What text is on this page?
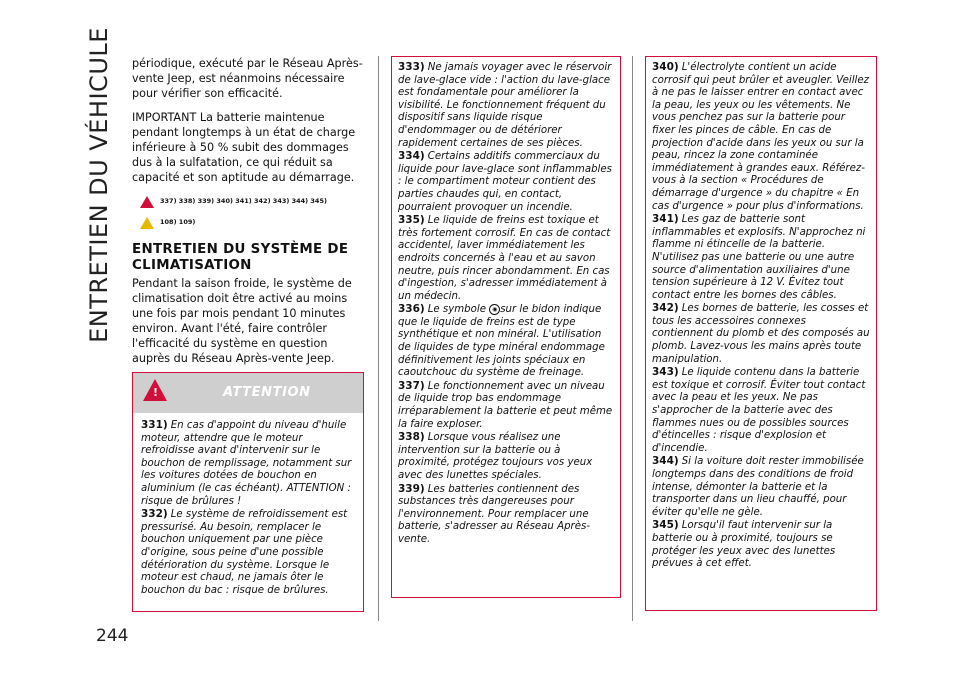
ENTRETIEN DU VÉHICULE périodique, exécuté par le Réseau Après-vente Jeep, est néanmoins nécessaire pour vérifier son efficacité.

IMPORTANT La batterie maintenue pendant longtemps à un état de charge inférieure à 50 % subit des dommages dus à la sulfatation, ce qui réduit sa capacité et son aptitude au démarrage.

337) 338) 339) 340) 341) 342) 343) 344) 345)
108) 109)
ENTRETIEN DU SYSTÈME DE CLIMATISATION

Pendant la saison froide, le système de climatisation doit être activé au moins une fois par mois pendant 10 minutes environ. Avant l'été, faire contrôler l'efficacité du système en question auprès du Réseau Après-vente Jeep.

!	ATTENTION

331) En cas d'appoint du niveau d'huile moteur, attendre que le moteur refroidisse avant d'intervenir sur le bouchon de remplissage, notamment sur les voitures dotées de bouchon en aluminium (le cas échéant). ATTENTION : risque de brûlures !

332) Le système de refroidissement est pressurisé. Au besoin, remplacer le bouchon uniquement par une pièce d'origine, sous peine d'une possible détérioration du système. Lorsque le moteur est chaud, ne jamais ôter le bouchon du bac : risque de brûlures.

333) Ne jamais voyager avec le réservoir de lave-glace vide : l'action du lave-glace est fondamentale pour améliorer la visibilité. Le fonctionnement fréquent du dispositif sans liquide risque d'endommager ou de détériorer rapidement certaines de ses pièces.

334) Certains additifs commerciaux du liquide pour lave-glace sont inflammables : le compartiment moteur contient des parties chaudes qui, en contact, pourraient provoquer un incendie.

335) Le liquide de freins est toxique et très fortement corrosif. En cas de contact accidentel, laver immédiatement les endroits concernés à l'eau et au savon neutre, puis rincer abondamment. En cas d'ingestion, s'adresser immédiatement à un médecin.

336) Le symbole ◉ sur le bidon indique que le liquide de freins est de type synthétique et non minéral. L'utilisation de liquides de type minéral endommage définitivement les joints spéciaux en caoutchouc du système de freinage.

337) Le fonctionnement avec un niveau de liquide trop bas endommage irréparablement la batterie et peut même la faire exploser.

338) Lorsque vous réalisez une intervention sur la batterie ou à proximité, protégez toujours vos yeux avec des lunettes spéciales.

339) Les batteries contiennent des substances très dangereuses pour l'environnement. Pour remplacer une batterie, s'adresser au Réseau Après-vente.

340) L'électrolyte contient un acide corrosif qui peut brûler et aveugler. Veillez à ne pas le laisser entrer en contact avec la peau, les yeux ou les vêtements. Ne vous penchez pas sur la batterie pour fixer les pinces de câble. En cas de projection d'acide dans les yeux ou sur la peau, rincez la zone contaminée immédiatement à grandes eaux. Référez-vous à la section « Procédures de démarrage d'urgence » du chapitre « En cas d'urgence » pour plus d'informations.

341) Les gaz de batterie sont inflammables et explosifs. N'approchez ni flamme ni étincelle de la batterie. N'utilisez pas une batterie ou une autre source d'alimentation auxiliaires d'une tension supérieure à 12 V. Évitez tout contact entre les bornes des câbles.

342) Les bornes de batterie, les cosses et tous les accessoires connexes contiennent du plomb et des composés au plomb. Lavez-vous les mains après toute manipulation.

343) Le liquide contenu dans la batterie est toxique et corrosif. Éviter tout contact avec la peau et les yeux. Ne pas s'approcher de la batterie avec des flammes nues ou de possibles sources d'étincelles : risque d'explosion et d'incendie.

344) Si la voiture doit rester immobilisée longtemps dans des conditions de froid intense, démonter la batterie et la transporter dans un lieu chauffé, pour éviter qu'elle ne gèle.

345) Lorsqu'il faut intervenir sur la batterie ou à proximité, toujours se protéger les yeux avec des lunettes prévues à cet effet.

244
